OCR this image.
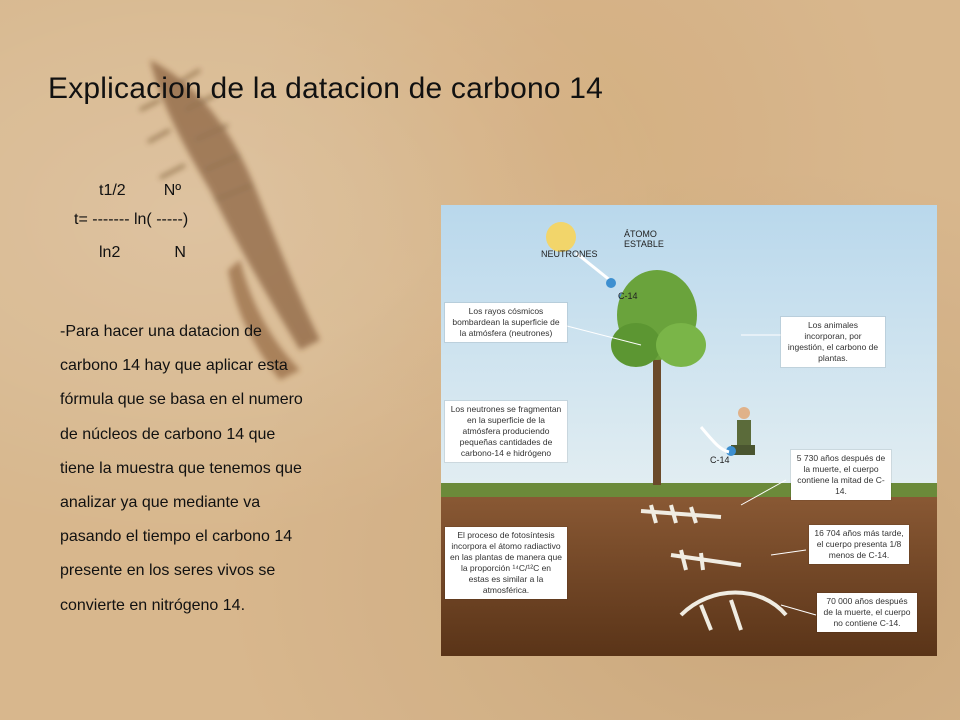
Explicacion de la datacion de carbono 14
t1/2 Nº
t= ------- ln( -----)
ln2	N
-Para hacer una datacion de
carbono 14 hay que aplicar esta
fórmula que se basa en el numero
de núcleos de carbono 14 que
tiene la muestra que tenemos que
analizar ya que mediante va
pasando el tiempo el carbono 14
presente en los seres vivos se
convierte en nitrógeno 14.
NEUTRONES
ÁTOMO ESTABLE
C-14
C-14
Los rayos cósmicos bombardean la superficie de la atmósfera (neutrones)
Los neutrones se fragmentan en la superficie de la atmósfera produciendo pequeñas cantidades de carbono-14 e hidrógeno
El proceso de fotosíntesis incorpora el átomo radiactivo en las plantas de manera que la proporción ¹⁴C/¹²C en estas es similar a la atmosférica.
Los animales incorporan, por ingestión, el carbono de plantas.
5 730 años después de la muerte, el cuerpo contiene la mitad de C-14.
16 704 años más tarde, el cuerpo presenta 1/8 menos de C-14.
70 000 años después de la muerte, el cuerpo no contiene C-14.
